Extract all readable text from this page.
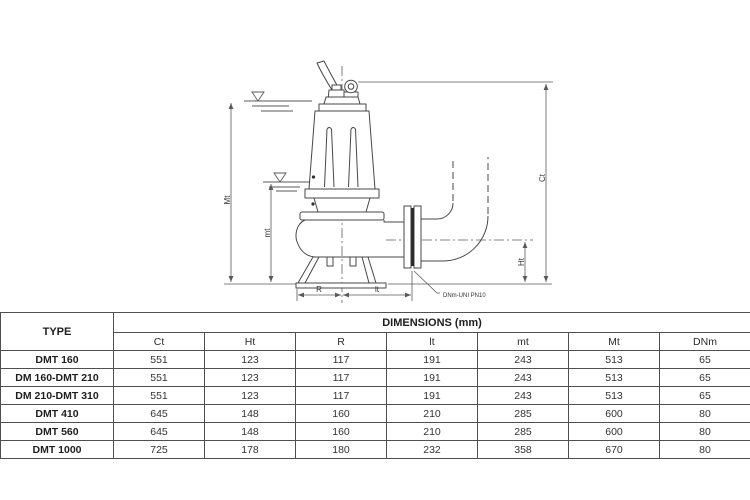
Mt
mt
Ct
Ht
R	lt
DNm-UNI PN10
TYPE	DIMENSIONS (mm)						
	Ct	Ht	R	lt	mt	Mt	DNm
DMT 160	551	123	117	191	243	513	65
DM 160-DMT 210	551	123	117	191	243	513	65
DM 210-DMT 310	551	123	117	191	243	513	65
DMT 410	645	148	160	210	285	600	80
DMT 560	645	148	160	210	285	600	80
DMT 1000	725	178	180	232	358	670	80
